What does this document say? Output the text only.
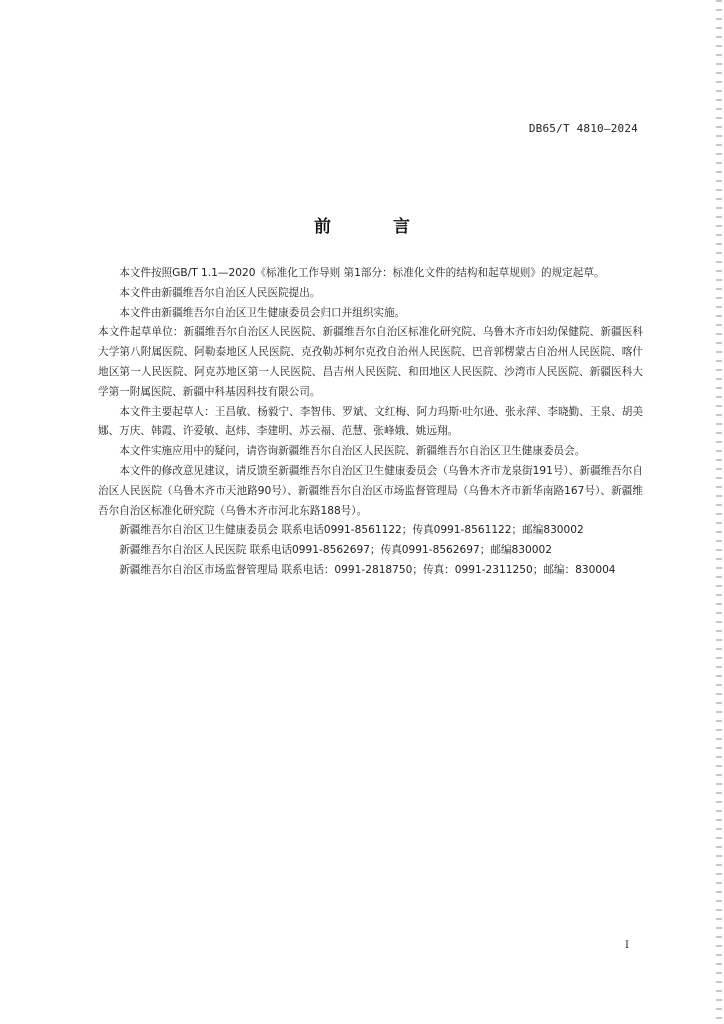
DB65/T 4810—2024
前 言

本文件按照GB/T 1.1—2020《标准化工作导则 第1部分：标准化文件的结构和起草规则》的规定起草。

本文件由新疆维吾尔自治区人民医院提出。

本文件由新疆维吾尔自治区卫生健康委员会归口并组织实施。

本文件起草单位：新疆维吾尔自治区人民医院、新疆维吾尔自治区标准化研究院、乌鲁木齐市妇幼保健院、新疆医科大学第八附属医院、阿勒泰地区人民医院、克孜勒苏柯尔克孜自治州人民医院、巴音郭楞蒙古自治州人民医院、喀什地区第一人民医院、阿克苏地区第一人民医院、昌吉州人民医院、和田地区人民医院、沙湾市人民医院、新疆医科大学第一附属医院、新疆中科基因科技有限公司。

本文件主要起草人：王昌敏、杨毅宁、李智伟、罗斌、文红梅、阿力玛斯·吐尔逊、张永萍、李晓勤、王泉、胡美娜、万庆、韩霞、许爱敏、赵炜、李建明、苏云福、范慧、张峰娥、姚远翔。

本文件实施应用中的疑问，请咨询新疆维吾尔自治区人民医院、新疆维吾尔自治区卫生健康委员会。

本文件的修改意见建议，请反馈至新疆维吾尔自治区卫生健康委员会（乌鲁木齐市龙泉街191号）、新疆维吾尔自治区人民医院（乌鲁木齐市天池路90号）、新疆维吾尔自治区市场监督管理局（乌鲁木齐市新华南路167号）、新疆维吾尔自治区标准化研究院（乌鲁木齐市河北东路188号）。

新疆维吾尔自治区卫生健康委员会 联系电话0991-8561122；传真0991-8561122；邮编830002

新疆维吾尔自治区人民医院 联系电话0991-8562697；传真0991-8562697；邮编830002

新疆维吾尔自治区市场监督管理局 联系电话：0991-2818750；传真：0991-2311250；邮编：830004

I
